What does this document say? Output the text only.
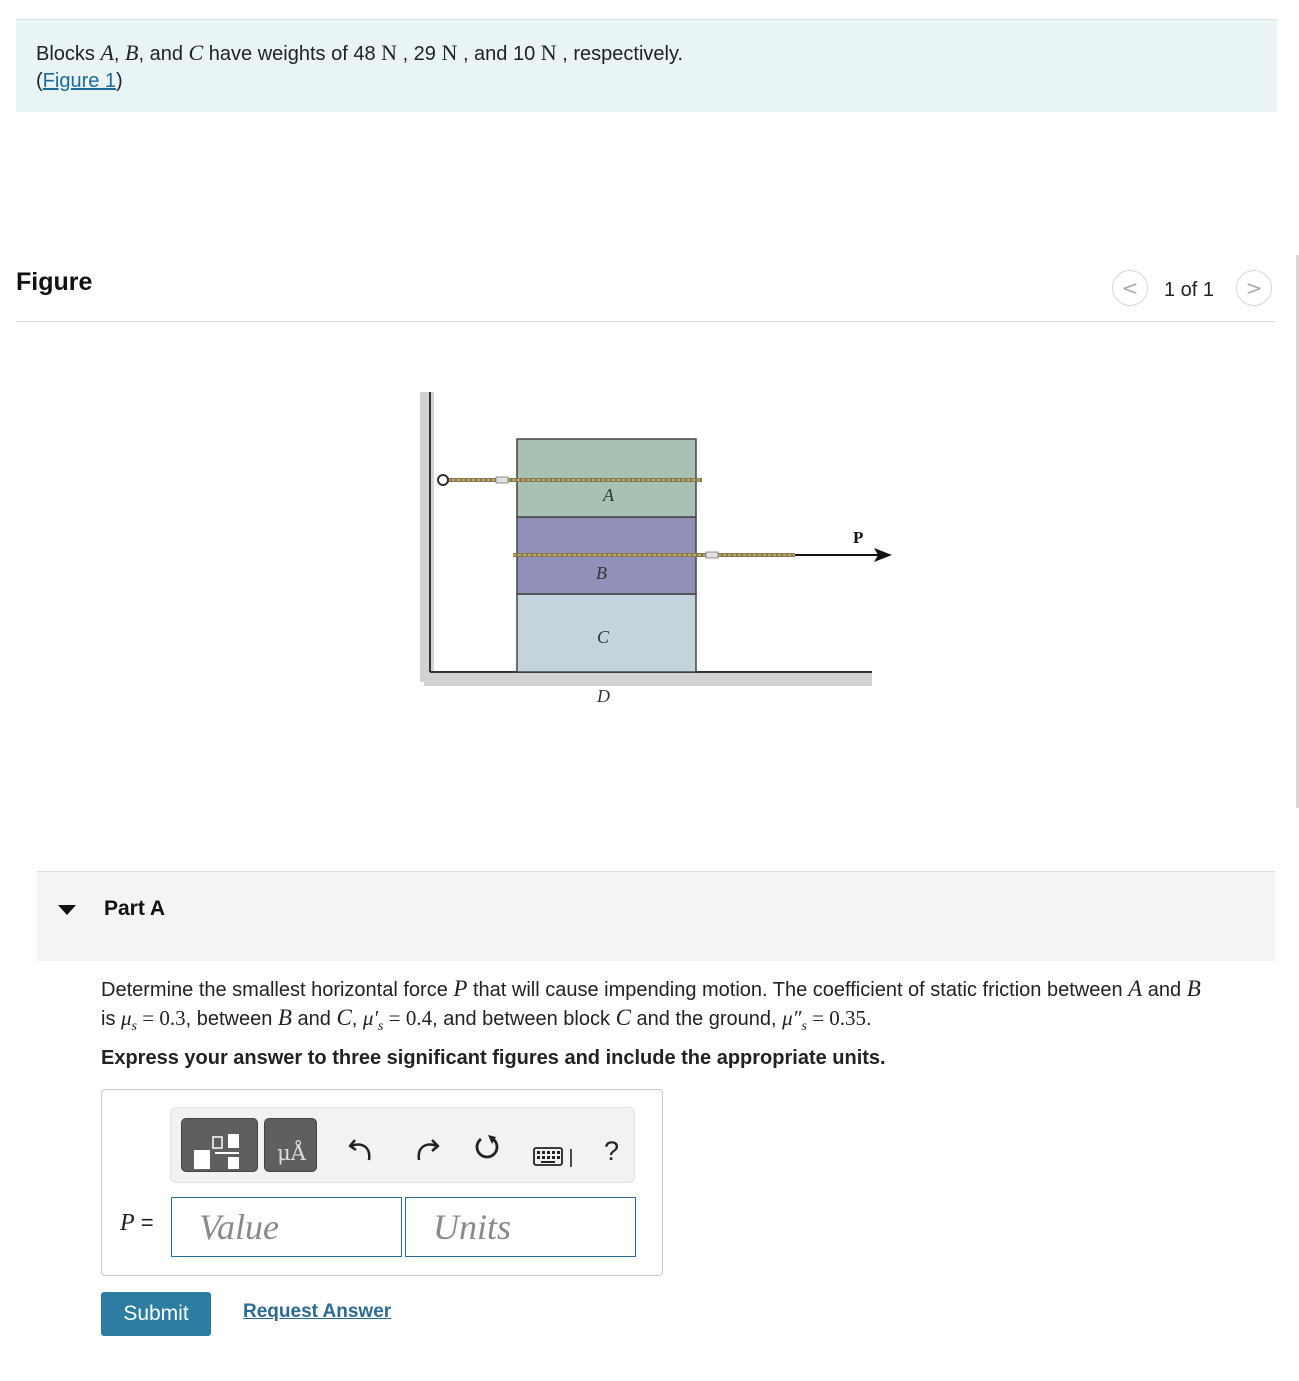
Blocks A, B, and C have weights of 48 N , 29 N , and 10 N , respectively.
(Figure 1)
Figure	< 1 of 1 >
A
B
C
D
P
Part A
Determine the smallest horizontal force P that will cause impending motion. The coefficient of static friction between A and B
is $\mu_s = 0.3$, between B and C, $\mu'_s = 0.4$, and between block C and the ground, $\mu''_s = 0.35$.
Express your answer to three significant figures and include the appropriate units.
μÅ	?
P =	Value	Units
Submit	Request Answer
